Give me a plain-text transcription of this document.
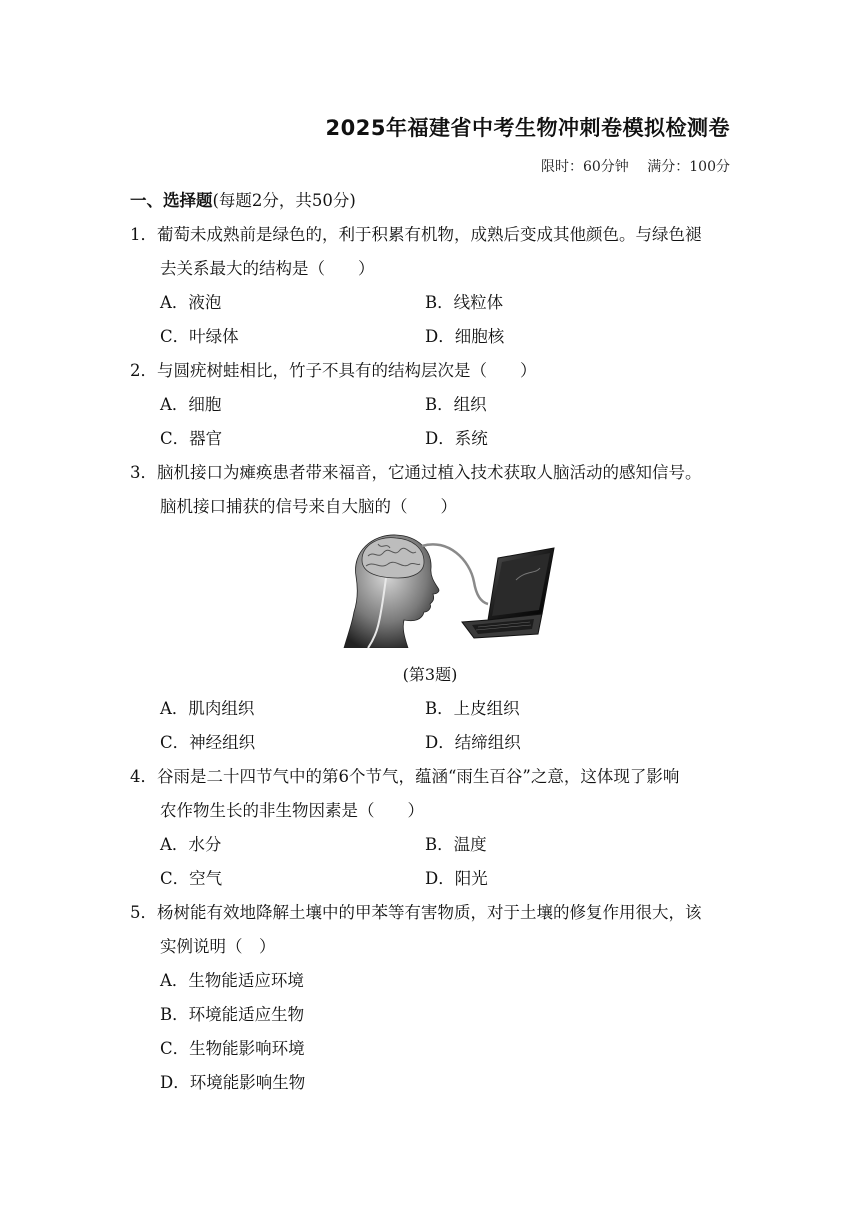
2025年福建省中考生物冲刺卷模拟检测卷
限时：60分钟 满分：100分
一、选择题(每题2分，共50分)
1．葡萄未成熟前是绿色的，利于积累有机物，成熟后变成其他颜色。与绿色褪
去关系最大的结构是（　　）
A．液泡	B．线粒体
C．叶绿体	D．细胞核
2．与圆疣树蛙相比，竹子不具有的结构层次是（　　）
A．细胞	B．组织
C．器官	D．系统
3．脑机接口为瘫痪患者带来福音，它通过植入技术获取人脑活动的感知信号。
脑机接口捕获的信号来自大脑的（　　）
(第3题)
A．肌肉组织	B．上皮组织
C．神经组织	D．结缔组织
4．谷雨是二十四节气中的第6个节气，蕴涵“雨生百谷”之意，这体现了影响
农作物生长的非生物因素是（　　）
A．水分	B．温度
C．空气	D．阳光
5．杨树能有效地降解土壤中的甲苯等有害物质，对于土壤的修复作用很大，该
实例说明（　）
A．生物能适应环境
B．环境能适应生物
C．生物能影响环境
D．环境能影响生物
